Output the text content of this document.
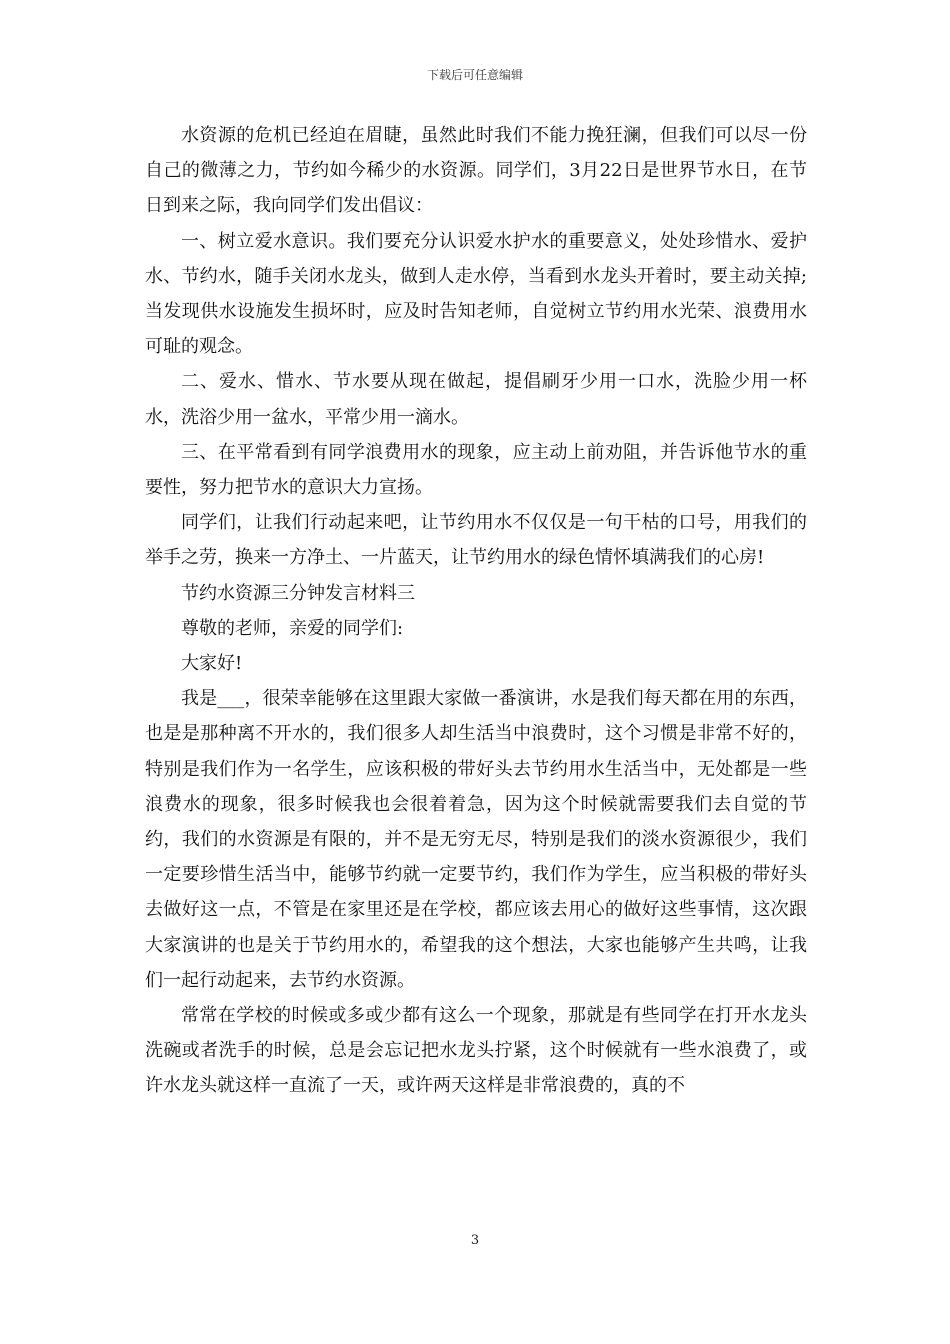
下载后可任意编辑

水资源的危机已经迫在眉睫，虽然此时我们不能力挽狂澜，但我们可以尽一份自己的微薄之力，节约如今稀少的水资源。同学们，3月22日是世界节水日，在节日到来之际，我向同学们发出倡议：

一、树立爱水意识。我们要充分认识爱水护水的重要意义，处处珍惜水、爱护水、节约水，随手关闭水龙头，做到人走水停，当看到水龙头开着时，要主动关掉;当发现供水设施发生损坏时，应及时告知老师，自觉树立节约用水光荣、浪费用水可耻的观念。

二、爱水、惜水、节水要从现在做起，提倡刷牙少用一口水，洗脸少用一杯水，洗浴少用一盆水，平常少用一滴水。

三、在平常看到有同学浪费用水的现象，应主动上前劝阻，并告诉他节水的重要性，努力把节水的意识大力宣扬。

同学们，让我们行动起来吧，让节约用水不仅仅是一句干枯的口号，用我们的举手之劳，换来一方净土、一片蓝天，让节约用水的绿色情怀填满我们的心房!

节约水资源三分钟发言材料三

尊敬的老师，亲爱的同学们:

大家好!

我是___，很荣幸能够在这里跟大家做一番演讲，水是我们每天都在用的东西，也是是那种离不开水的，我们很多人却生活当中浪费时，这个习惯是非常不好的，特别是我们作为一名学生，应该积极的带好头去节约用水生活当中，无处都是一些浪费水的现象，很多时候我也会很着着急，因为这个时候就需要我们去自觉的节约，我们的水资源是有限的，并不是无穷无尽，特别是我们的淡水资源很少，我们一定要珍惜生活当中，能够节约就一定要节约，我们作为学生，应当积极的带好头去做好这一点，不管是在家里还是在学校，都应该去用心的做好这些事情，这次跟大家演讲的也是关于节约用水的，希望我的这个想法，大家也能够产生共鸣，让我们一起行动起来，去节约水资源。

常常在学校的时候或多或少都有这么一个现象，那就是有些同学在打开水龙头洗碗或者洗手的时候，总是会忘记把水龙头拧紧，这个时候就有一些水浪费了，或许水龙头就这样一直流了一天，或许两天这样是非常浪费的，真的不

3
